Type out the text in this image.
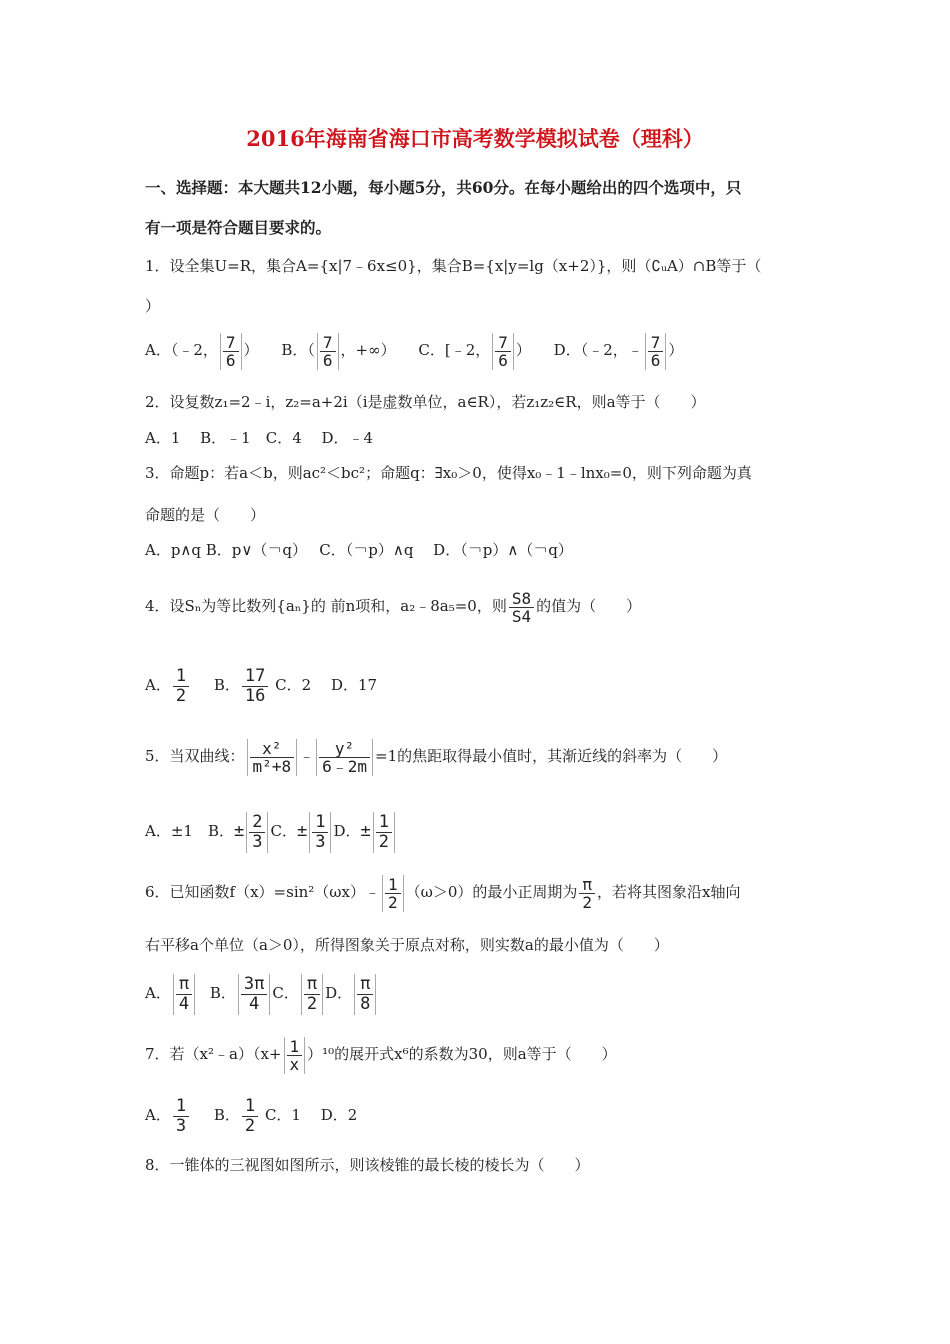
2016年海南省海口市高考数学模拟试卷（理科）
一、选择题：本大题共12小题，每小题5分，共60分。在每小题给出的四个选项中，只
有一项是符合题目要求的。
1．设全集U=R，集合A={x|7﹣6x≤0}，集合B={x|y=lg（x+2）}，则（∁ᵤA）∩B等于（
）
A．（﹣2， $\frac{7}{6}$ ） B．（ $\frac{7}{6}$ ，+∞） C．[﹣2， $\frac{7}{6}$ ） D．（﹣2，﹣ $\frac{7}{6}$ ）
2．设复数z₁=2﹣i，z₂=a+2i（i是虚数单位，a∈R），若z₁z₂∈R，则a等于（　　）
A．1　 B．﹣1　C．4　 D．﹣4
3．命题p：若a＜b，则ac²＜bc²；命题q：∃x₀＞0，使得x₀﹣1﹣lnx₀=0，则下列命题为真
命题的是（　　）
A．p∧q B．p∨（￢q）　 C．（￢p）∧q　 D．（￢p）∧（￢q）
4．设Sₙ为等比数列{aₙ}的 前n项和，a₂﹣8a₅=0，则 $\frac{S8}{S4}$ 的值为（　　）
A． $\frac{1}{2}$ B． $\frac{17}{16}$ C．2　 D．17
5．当双曲线： $\frac{\text{x²}}{\text{m²+8}}$ ﹣ $\frac{\text{y²}}{6﹣2m} =1$的焦距取得最小值时，其渐近线的斜率为（　　）
A．±1　B．± $\frac{2}{3}$ C．± $\frac{1}{3}$ D．± $\frac{1}{2}$
6．已知函数f（x）=sin²（ωx）﹣ $\frac{1}{2} (\omega>0)$的最小正周期为 $\frac{\pi}{2}$ ，若将其图象沿x轴向
右平移a个单位（a＞0），所得图象关于原点对称，则实数a的最小值为（　　）
A． $\frac{\pi}{4}$ B． $\frac{3\pi}{4}$ C． $\frac{\pi}{2}$ D． $\frac{\pi}{8}$
7．若（x²﹣a）（x+ $\frac{1}{x} )^{10}$的展开式x⁶的系数为30，则a等于（　　）
A． $\frac{1}{3}$ B． $\frac{1}{2}$ C．1　 D．2
8．一锥体的三视图如图所示，则该棱锥的最长棱的棱长为（　　）
